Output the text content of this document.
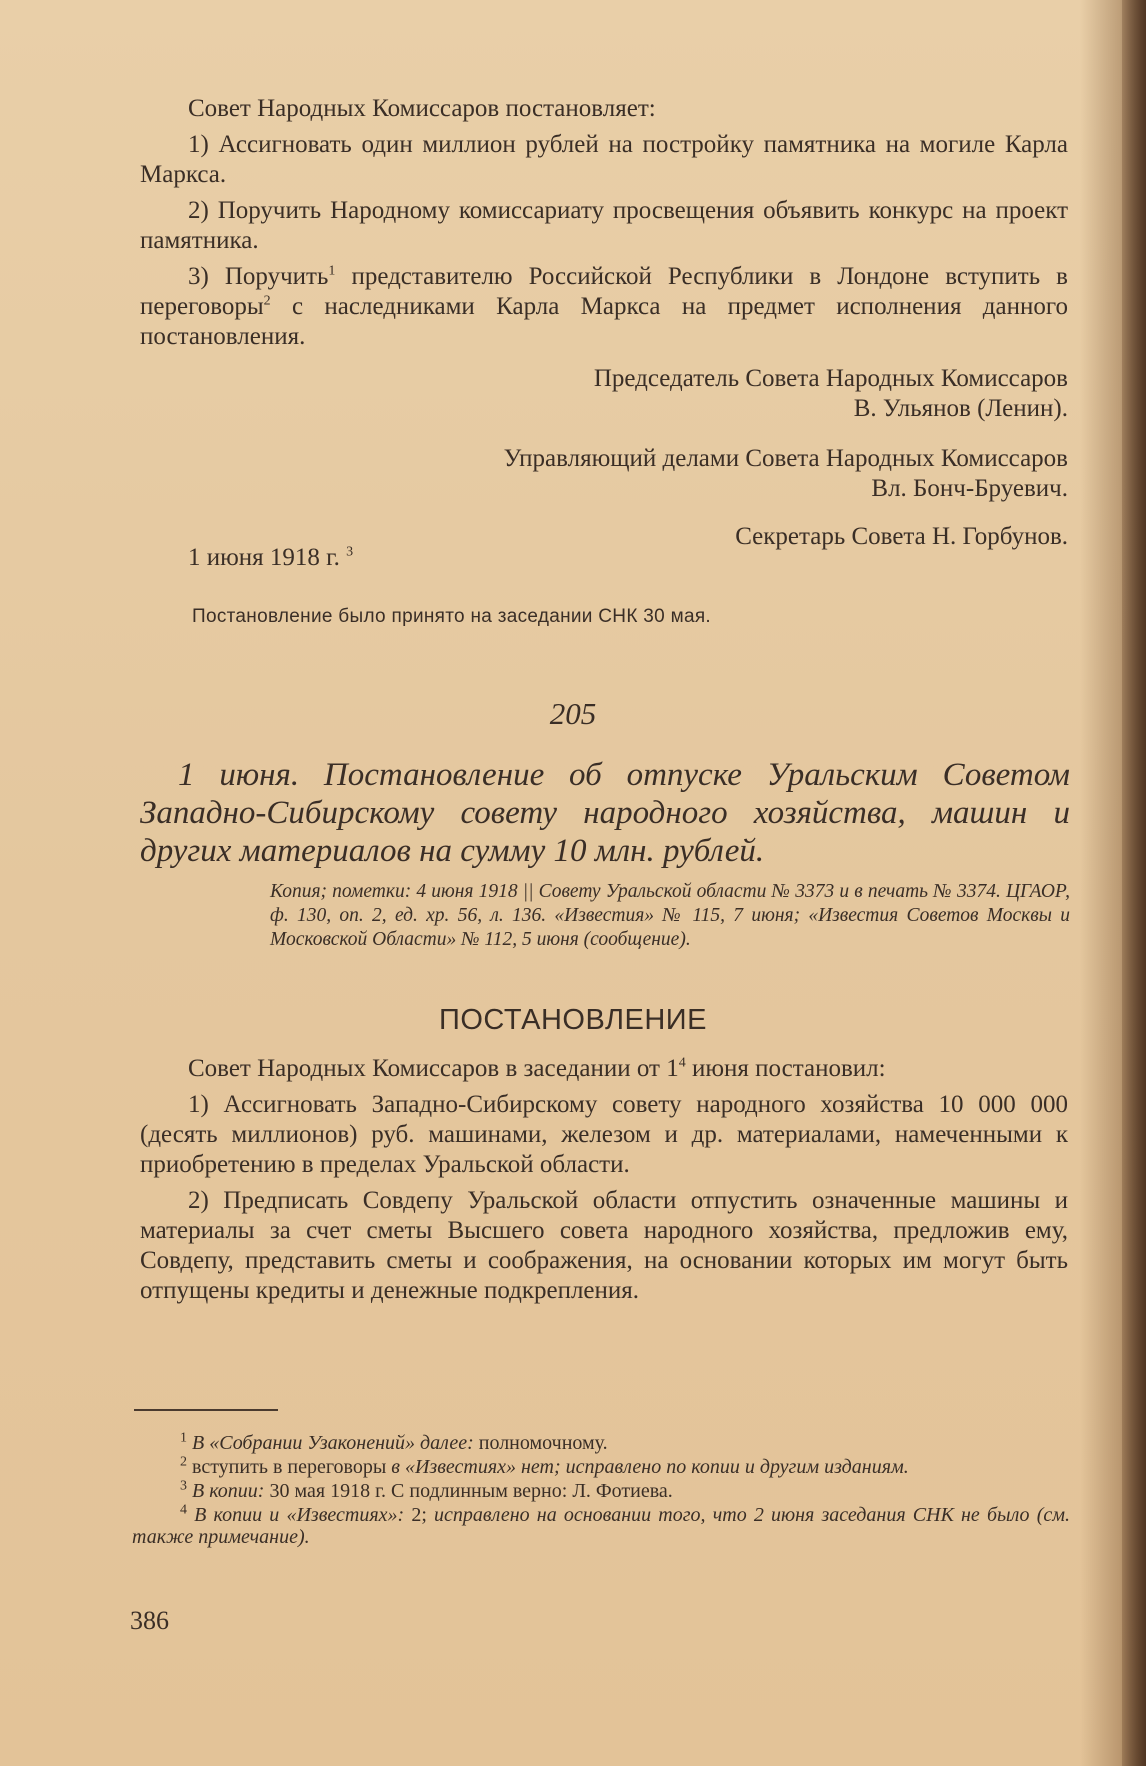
Совет Народных Комиссаров постановляет:

1) Ассигновать один миллион рублей на постройку памятника на могиле Карла Маркса.

2) Поручить Народному комиссариату просвещения объявить конкурс на проект памятника.

3) Поручить$^1$ представителю Российской Республики в Лондоне вступить в переговоры$^2$ с наследниками Карла Маркса на предмет исполнения данного постановления.

Председатель Совета Народных Комиссаров

В. Ульянов (Ленин).

Управляющий делами Совета Народных Комиссаров

Вл. Бонч-Бруевич.

Секретарь Совета Н. Горбунов.

1 июня 1918 г. $^3$
Постановление было принято на заседании СНК 30 мая.
205
1 июня. Постановление об отпуске Уральским Советом Западно-Сибирскому совету народного хозяйства, машин и других материалов на сумму 10 млн. рублей.
Копия; пометки: 4 июня 1918 || Совету Уральской области № 3373 и в печать № 3374. ЦГАОР, ф. 130, оп. 2, ед. хр. 56, л. 136. «Известия» № 115, 7 июня; «Известия Советов Москвы и Московской Области» № 112, 5 июня (сообщение).
ПОСТАНОВЛЕНИЕ

Совет Народных Комиссаров в заседании от $1^4$ июня постановил:

1) Ассигновать Западно-Сибирскому совету народного хозяйства 10 000 000 (десять миллионов) руб. машинами, железом и др. материалами, намеченными к приобретению в пределах Уральской области.

2) Предписать Совдепу Уральской области отпустить означенные машины и материалы за счет сметы Высшего совета народного хозяйства, предложив ему, Совдепу, представить сметы и соображения, на основании которых им могут быть отпущены кредиты и денежные подкрепления.

$^1$ В «Собрании Узаконений» далее: полномочному.

$^2$ вступить в переговоры в «Известиях» нет; исправлено по копии и другим изданиям.

$^3$ В копии: 30 мая 1918 г. С подлинным верно: Л. Фотиева.

$^4$ В копии и «Известиях»: 2; исправлено на основании того, что 2 июня заседания СНК не было (см. также примечание).

386
